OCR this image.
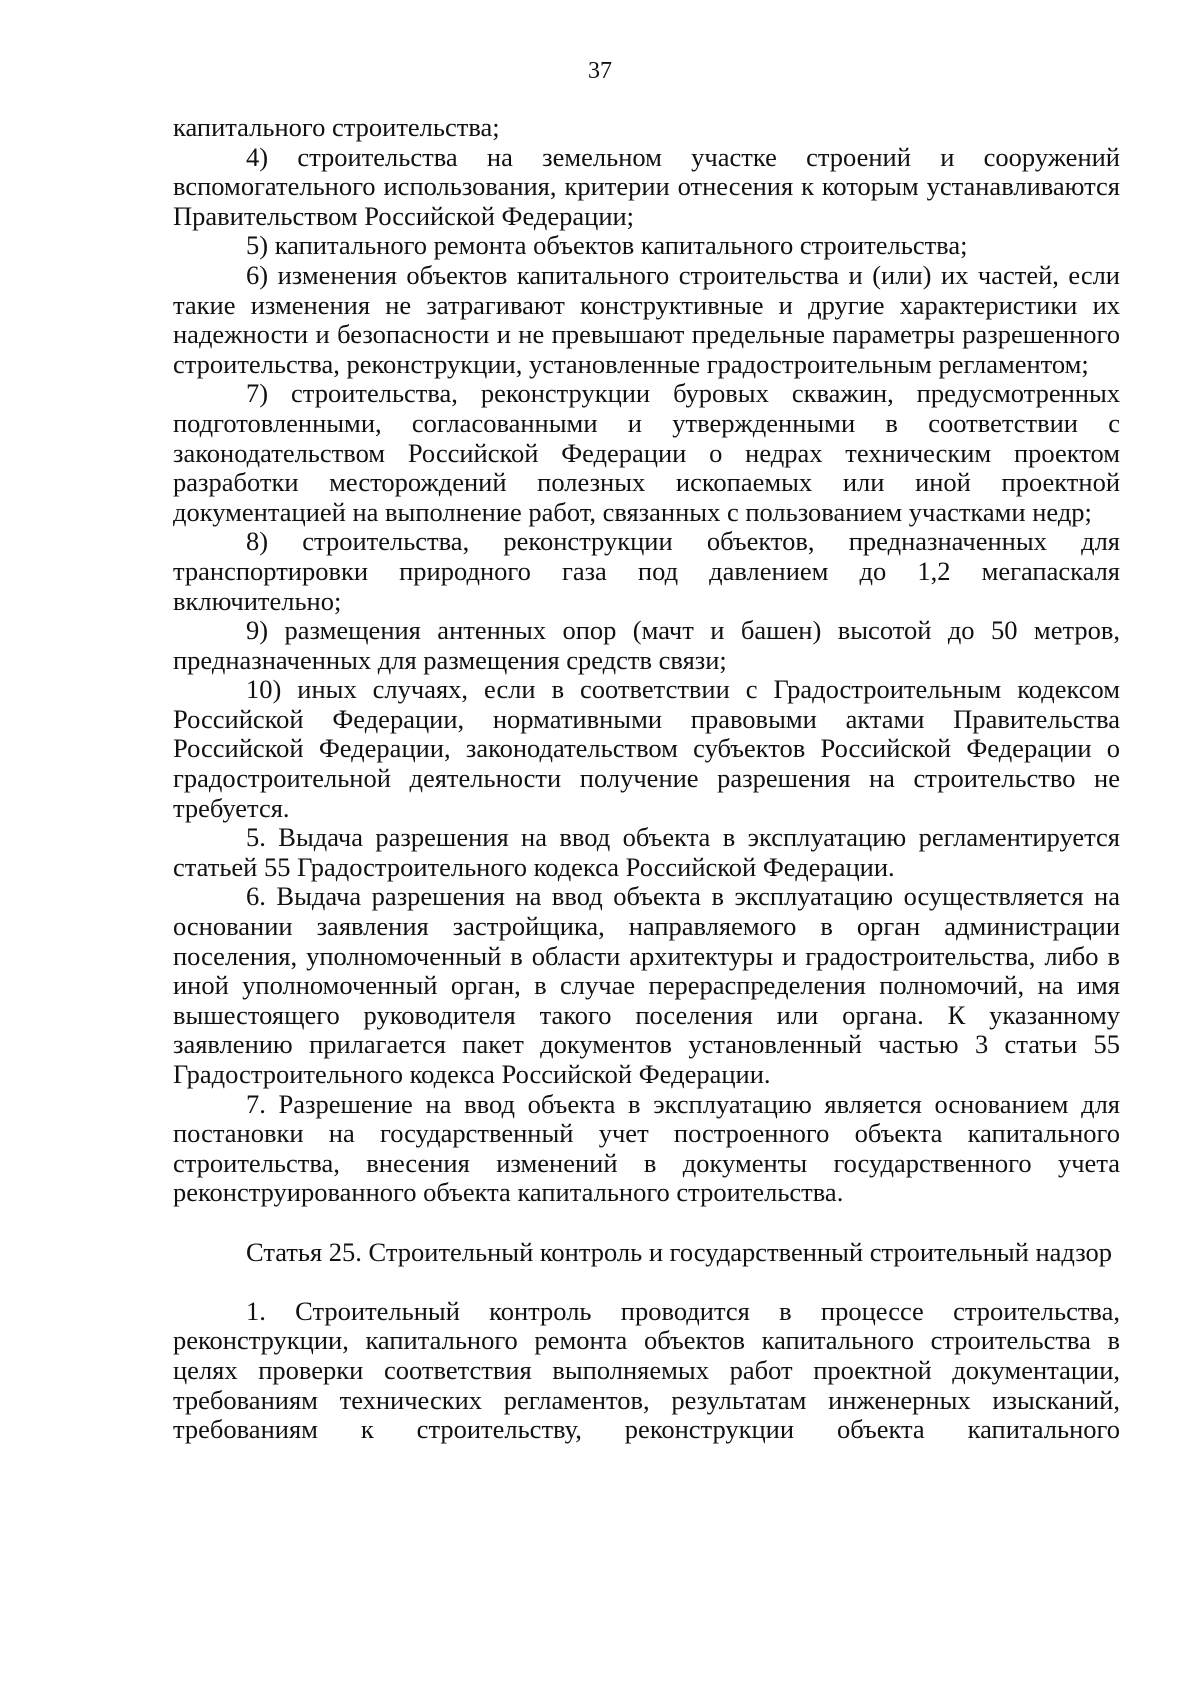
37

капитального строительства;

4) строительства на земельном участке строений и сооружений вспомогательного использования, критерии отнесения к которым устанавливаются Правительством Российской Федерации;

5) капитального ремонта объектов капитального строительства;

6) изменения объектов капитального строительства и (или) их частей, если такие изменения не затрагивают конструктивные и другие характеристики их надежности и безопасности и не превышают предельные параметры разрешенного строительства, реконструкции, установленные градостроительным регламентом;

7) строительства, реконструкции буровых скважин, предусмотренных подготовленными, согласованными и утвержденными в соответствии с законодательством Российской Федерации о недрах техническим проектом разработки месторождений полезных ископаемых или иной проектной документацией на выполнение работ, связанных с пользованием участками недр;

8) строительства, реконструкции объектов, предназначенных для транспортировки природного газа под давлением до 1,2 мегапаскаля включительно;

9) размещения антенных опор (мачт и башен) высотой до 50 метров, предназначенных для размещения средств связи;

10) иных случаях, если в соответствии с Градостроительным кодексом Российской Федерации, нормативными правовыми актами Правительства Российской Федерации, законодательством субъектов Российской Федерации о градостроительной деятельности получение разрешения на строительство не требуется.

5. Выдача разрешения на ввод объекта в эксплуатацию регламентируется статьей 55 Градостроительного кодекса Российской Федерации.

6. Выдача разрешения на ввод объекта в эксплуатацию осуществляется на основании заявления застройщика, направляемого в орган администрации поселения, уполномоченный в области архитектуры и градостроительства, либо в иной уполномоченный орган, в случае перераспределения полномочий, на имя вышестоящего руководителя такого поселения или органа. К указанному заявлению прилагается пакет документов установленный частью 3 статьи 55 Градостроительного кодекса Российской Федерации.

7. Разрешение на ввод объекта в эксплуатацию является основанием для постановки на государственный учет построенного объекта капитального строительства, внесения изменений в документы государственного учета реконструированного объекта капитального строительства.

Статья 25. Строительный контроль и государственный строительный надзор

1. Строительный контроль проводится в процессе строительства, реконструкции, капитального ремонта объектов капитального строительства в целях проверки соответствия выполняемых работ проектной документации, требованиям технических регламентов, результатам инженерных изысканий, требованиям к строительству, реконструкции объекта капитального
